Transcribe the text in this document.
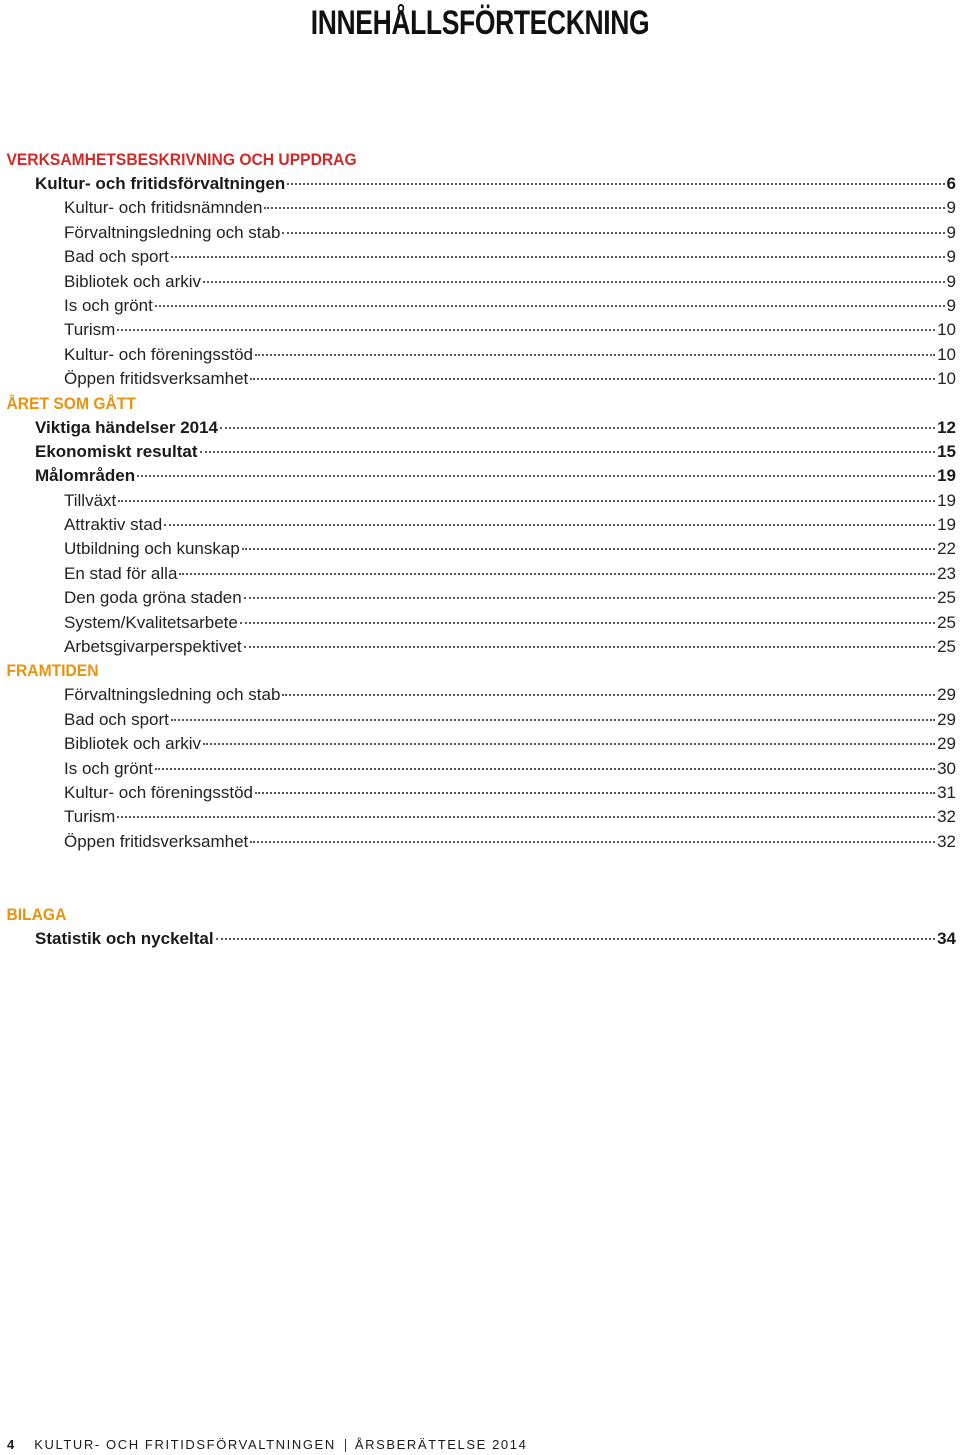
INNEHÅLLSFÖRTECKNING
VERKSAMHETSBESKRIVNING OCH UPPDRAG
Kultur- och fritidsförvaltningen	6
Kultur- och fritidsnämnden	9
Förvaltningsledning och stab	9
Bad och sport	9
Bibliotek och arkiv	9
Is och grönt	9
Turism	10
Kultur- och föreningsstöd	10
Öppen fritidsverksamhet	10
ÅRET SOM GÅTT
Viktiga händelser 2014	12
Ekonomiskt resultat	15
Målområden	19
Tillväxt	19
Attraktiv stad	19
Utbildning och kunskap	22
En stad för alla	23
Den goda gröna staden	25
System/Kvalitetsarbete	25
Arbetsgivarperspektivet	25
FRAMTIDEN
Förvaltningsledning och stab	29
Bad och sport	29
Bibliotek och arkiv	29
Is och grönt	30
Kultur- och föreningsstöd	31
Turism	32
Öppen fritidsverksamhet	32
BILAGA
Statistik och nyckeltal	34
4 KULTUR- OCH FRITIDSFÖRVALTNINGEN ÅRSBERÄTTELSE 2014
